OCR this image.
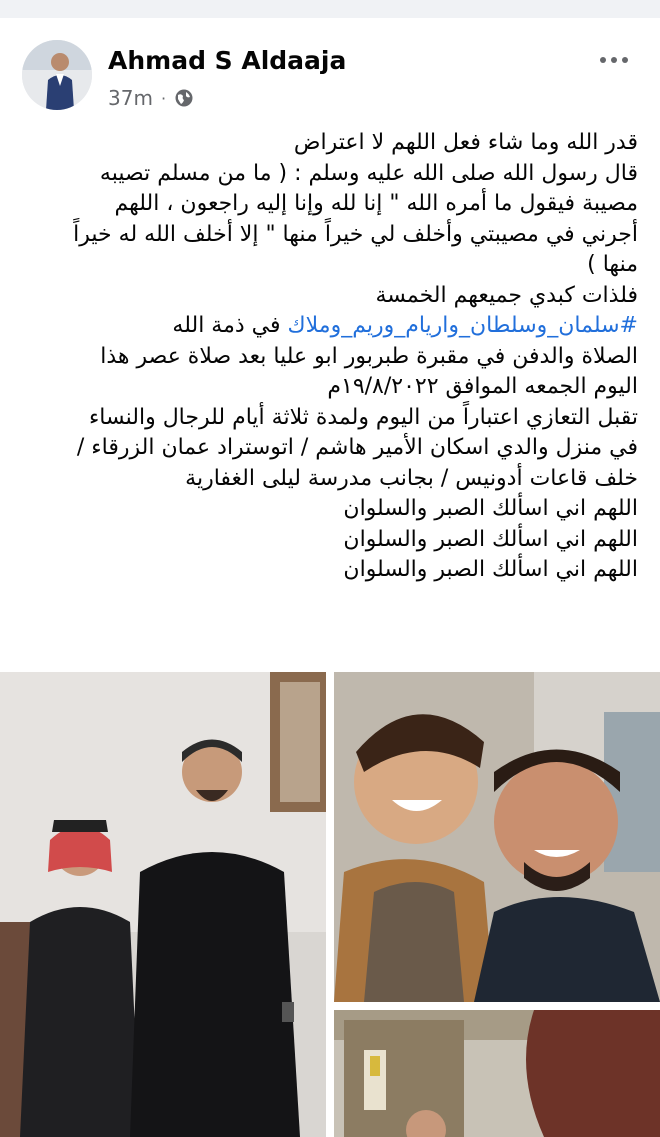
Ahmad S Aldaaja
37m ·
قدر الله وما شاء فعل اللهم لا اعتراض
قال رسول الله صلى الله عليه وسلم : ( ما من مسلم تصيبه
مصيبة فيقول ما أمره الله " إنا لله وإنا إليه راجعون ، اللهم
أجرني في مصيبتي وأخلف لي خيراً منها " إلا أخلف الله له خيراً
منها )
فلذات كبدي جميعهم الخمسة
#سلمان_وسلطان_واريام_وريم_وملاك في ذمة الله
الصلاة والدفن في مقبرة طبربور ابو عليا بعد صلاة عصر هذا
اليوم الجمعه الموافق ١٩/٨/٢٠٢٢م
تقبل التعازي اعتباراً من اليوم ولمدة ثلاثة أيام للرجال والنساء
في منزل والدي اسكان الأمير هاشم / اتوستراد عمان الزرقاء /
خلف قاعات أدونيس / بجانب مدرسة ليلى الغفارية
اللهم اني اسألك الصبر والسلوان
اللهم اني اسألك الصبر والسلوان
اللهم اني اسألك الصبر والسلوان
